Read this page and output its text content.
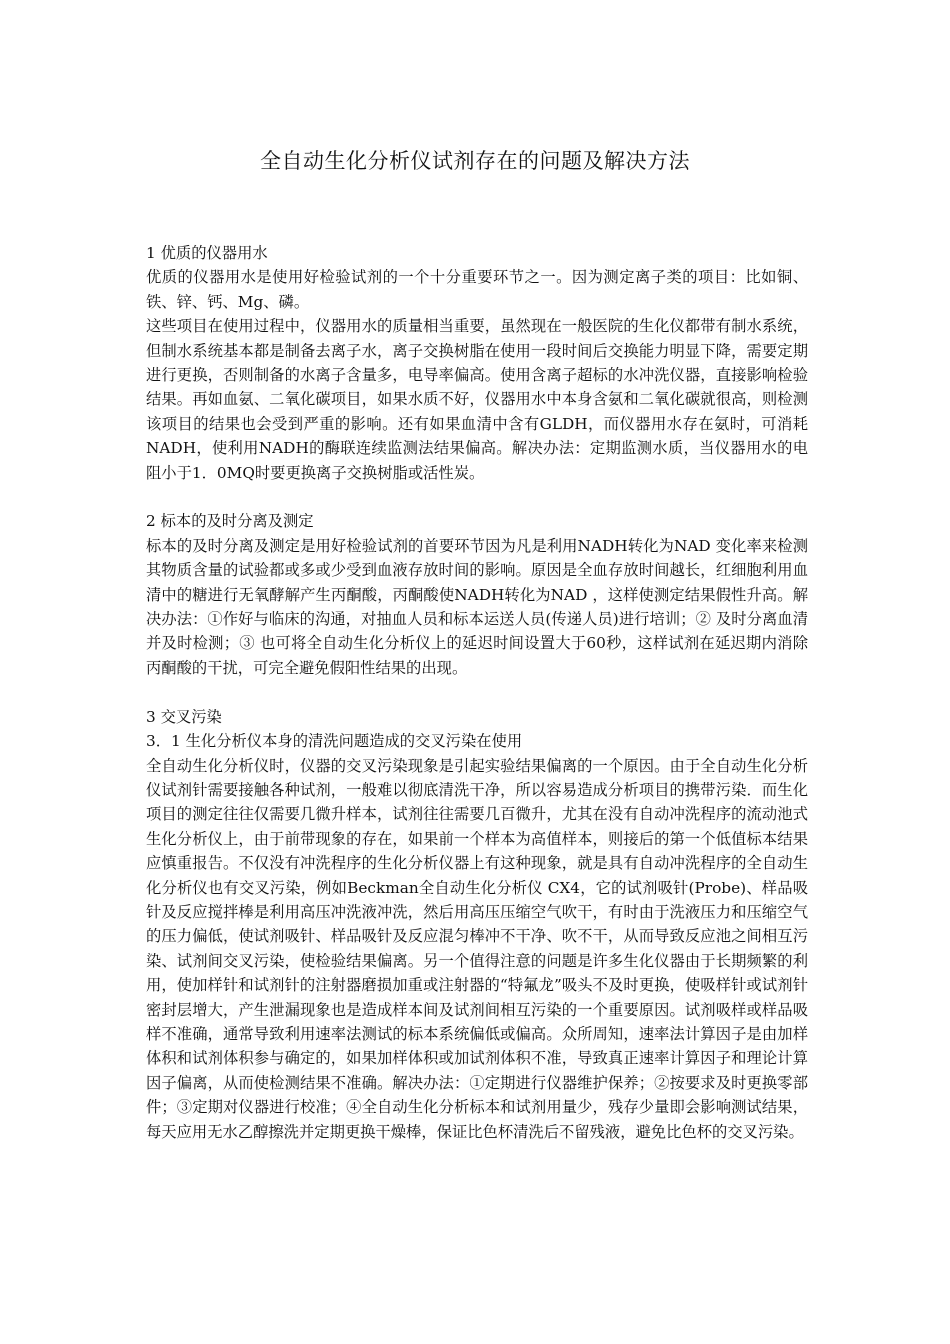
全自动生化分析仪试剂存在的问题及解决方法

1 优质的仪器用水

优质的仪器用水是使用好检验试剂的一个十分重要环节之一。因为测定离子类的项目：比如铜、铁、锌、钙、Mg、磷。

这些项目在使用过程中，仪器用水的质量相当重要，虽然现在一般医院的生化仪都带有制水系统，但制水系统基本都是制备去离子水，离子交换树脂在使用一段时间后交换能力明显下降，需要定期进行更换，否则制备的水离子含量多，电导率偏高。使用含离子超标的水冲洗仪器，直接影响检验结果。再如血氨、二氧化碳项目，如果水质不好，仪器用水中本身含氨和二氧化碳就很高，则检测该项目的结果也会受到严重的影响。还有如果血清中含有GLDH，而仪器用水存在氨时，可消耗NADH，使利用NADH的酶联连续监测法结果偏高。解决办法：定期监测水质，当仪器用水的电阻小于1．0MQ时要更换离子交换树脂或活性炭。

2 标本的及时分离及测定

标本的及时分离及测定是用好检验试剂的首要环节因为凡是利用NADH转化为NAD 变化率来检测其物质含量的试验都或多或少受到血液存放时间的影响。原因是全血存放时间越长，红细胞利用血清中的糖进行无氧酵解产生丙酮酸，丙酮酸使NADH转化为NAD ，这样使测定结果假性升高。解决办法：①作好与临床的沟通，对抽血人员和标本运送人员(传递人员)进行培训；② 及时分离血清并及时检测；③ 也可将全自动生化分析仪上的延迟时间设置大于60秒，这样试剂在延迟期内消除丙酮酸的干扰，可完全避免假阳性结果的出现。

3 交叉污染

3．1 生化分析仪本身的清洗问题造成的交叉污染在使用

全自动生化分析仪时，仪器的交叉污染现象是引起实验结果偏离的一个原因。由于全自动生化分析仪试剂针需要接触各种试剂，一般难以彻底清洗干净，所以容易造成分析项目的携带污染．而生化项目的测定往往仅需要几微升样本，试剂往往需要几百微升，尤其在没有自动冲洗程序的流动池式生化分析仪上，由于前带现象的存在，如果前一个样本为高值样本，则接后的第一个低值标本结果应慎重报告。不仅没有冲洗程序的生化分析仪器上有这种现象，就是具有自动冲洗程序的全自动生化分析仪也有交叉污染，例如Beckman全自动生化分析仪 CX4，它的试剂吸针(Probe)、样品吸针及反应搅拌棒是利用高压冲洗液冲洗，然后用高压压缩空气吹干，有时由于洗液压力和压缩空气的压力偏低，使试剂吸针、样品吸针及反应混匀棒冲不干净、吹不干，从而导致反应池之间相互污染、试剂间交叉污染，使检验结果偏离。另一个值得注意的问题是许多生化仪器由于长期频繁的利用，使加样针和试剂针的注射器磨损加重或注射器的“特氟龙”吸头不及时更换，使吸样针或试剂针密封层增大，产生泄漏现象也是造成样本间及试剂间相互污染的一个重要原因。试剂吸样或样品吸样不准确，通常导致利用速率法测试的标本系统偏低或偏高。众所周知，速率法计算因子是由加样体积和试剂体积参与确定的，如果加样体积或加试剂体积不准，导致真正速率计算因子和理论计算因子偏离，从而使检测结果不准确。解决办法：①定期进行仪器维护保养；②按要求及时更换零部件；③定期对仪器进行校准；④全自动生化分析标本和试剂用量少，残存少量即会影响测试结果，每天应用无水乙醇擦洗并定期更换干燥棒，保证比色杯清洗后不留残液，避免比色杯的交叉污染。
